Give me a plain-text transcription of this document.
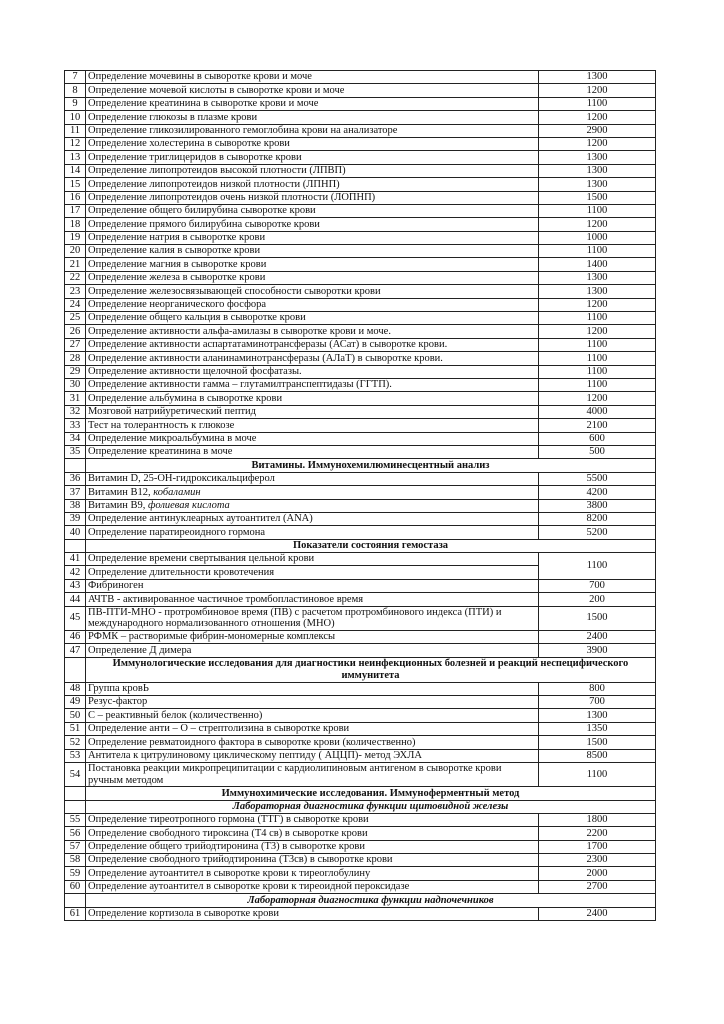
7	Определение мочевины в сыворотке крови и моче	1300
8	Определение мочевой кислоты в сыворотке крови и моче	1200
9	Определение креатинина в сыворотке крови и моче	1100
10	Определение глюкозы в плазме крови	1200
11	Определение гликозилированного гемоглобина крови на анализаторе	2900
12	Определение холестерина в сыворотке крови	1200
13	Определение триглицеридов в сыворотке крови	1300
14	Определение липопротеидов высокой плотности (ЛПВП)	1300
15	Определение липопротеидов низкой плотности (ЛПНП)	1300
16	Определение липопротеидов очень низкой плотности (ЛОПНП)	1500
17	Определение общего билирубина сыворотке крови	1100
18	Определение прямого билирубина сыворотке крови	1200
19	Определение натрия в сыворотке крови	1000
20	Определение калия в сыворотке крови	1100
21	Определение магния в сыворотке крови	1400
22	Определение железа в сыворотке крови	1300
23	Определение железосвязывающей способности сыворотки крови	1300
24	Определение неорганического фосфора	1200
25	Определение общего кальция в сыворотке крови	1100
26	Определение активности альфа-амилазы в сыворотке крови и моче.	1200
27	Определение активности аспартатаминотрансферазы (АСат) в сыворотке крови.	1100
28	Определение активности аланинаминотрансферазы (АЛаТ) в сыворотке крови.	1100
29	Определение активности щелочной фосфатазы.	1100
30	Определение активности гамма – глутамилтранспептидазы (ГГТП).	1100
31	Определение альбумина в сыворотке крови	1200
32	Мозговой натрийуретический пептид	4000
33	Тест на толерантность к глюкозе	2100
34	Определение микроальбумина в моче	600
35	Определение креатинина в моче	500
	Витамины. Иммунохемилюминесцентный анализ	
36	Витамин D, 25-ОН-гидроксикальциферол	5500
37	Витамин В12, кобаламин	4200
38	Витамин В9, фолиевая кислота	3800
39	Определение антинуклеарных аутоантител (ANA)	8200
40	Определение паратиреоидного гормона	5200
	Показатели состояния гемостаза	
41	Определение времени свертывания цельной крови	1100
42	Определение длительности кровотечения	
43	Фибриноген	700
44	АЧТВ - активированное частичное тромбопластиновое время	200
45	ПВ-ПТИ-МНО - протромбиновое время (ПВ) с расчетом протромбинового индекса (ПТИ) и международного нормализованного отношения (МНО)	1500
46	РФМК – растворимые фибрин-мономерные комплексы	2400
47	Определение Д димера	3900
	Иммунологические исследования для диагностики неинфекционных болезней и реакций неспецифического иммунитета	
48	Группа кровЬ	800
49	Резус-фактор	700
50	С – реактивный белок (количественно)	1300
51	Определение анти – О – стрептолизина в сыворотке крови	1350
52	Определение ревматоидного фактора в сыворотке крови (количественно)	1500
53	Антитела к цитрулиновому циклическому пептиду ( АЦЦП)- метод ЭХЛА	8500
54	Постановка реакции микропреципитации с кардиолипиновым антигеном в сыворотке крови ручным методом	1100
	Иммунохимические исследования. Иммуноферментный метод	
	Лабораторная диагностика функции щитовидной железы	
55	Определение тиреотропного гормона (ТТГ) в сыворотке крови	1800
56	Определение свободного тироксина (Т4 св) в сыворотке крови	2200
57	Определение общего трийодтиронина (Т3) в сыворотке крови	1700
58	Определение свободного трийодтиронина (Т3св) в сыворотке крови	2300
59	Определение аутоантител в сыворотке крови к тиреоглобулину	2000
60	Определение аутоантител в сыворотке крови к тиреоидной пероксидазе	2700
	Лабораторная диагностика функции надпочечников	
61	Определение кортизола в сыворотке крови	2400
